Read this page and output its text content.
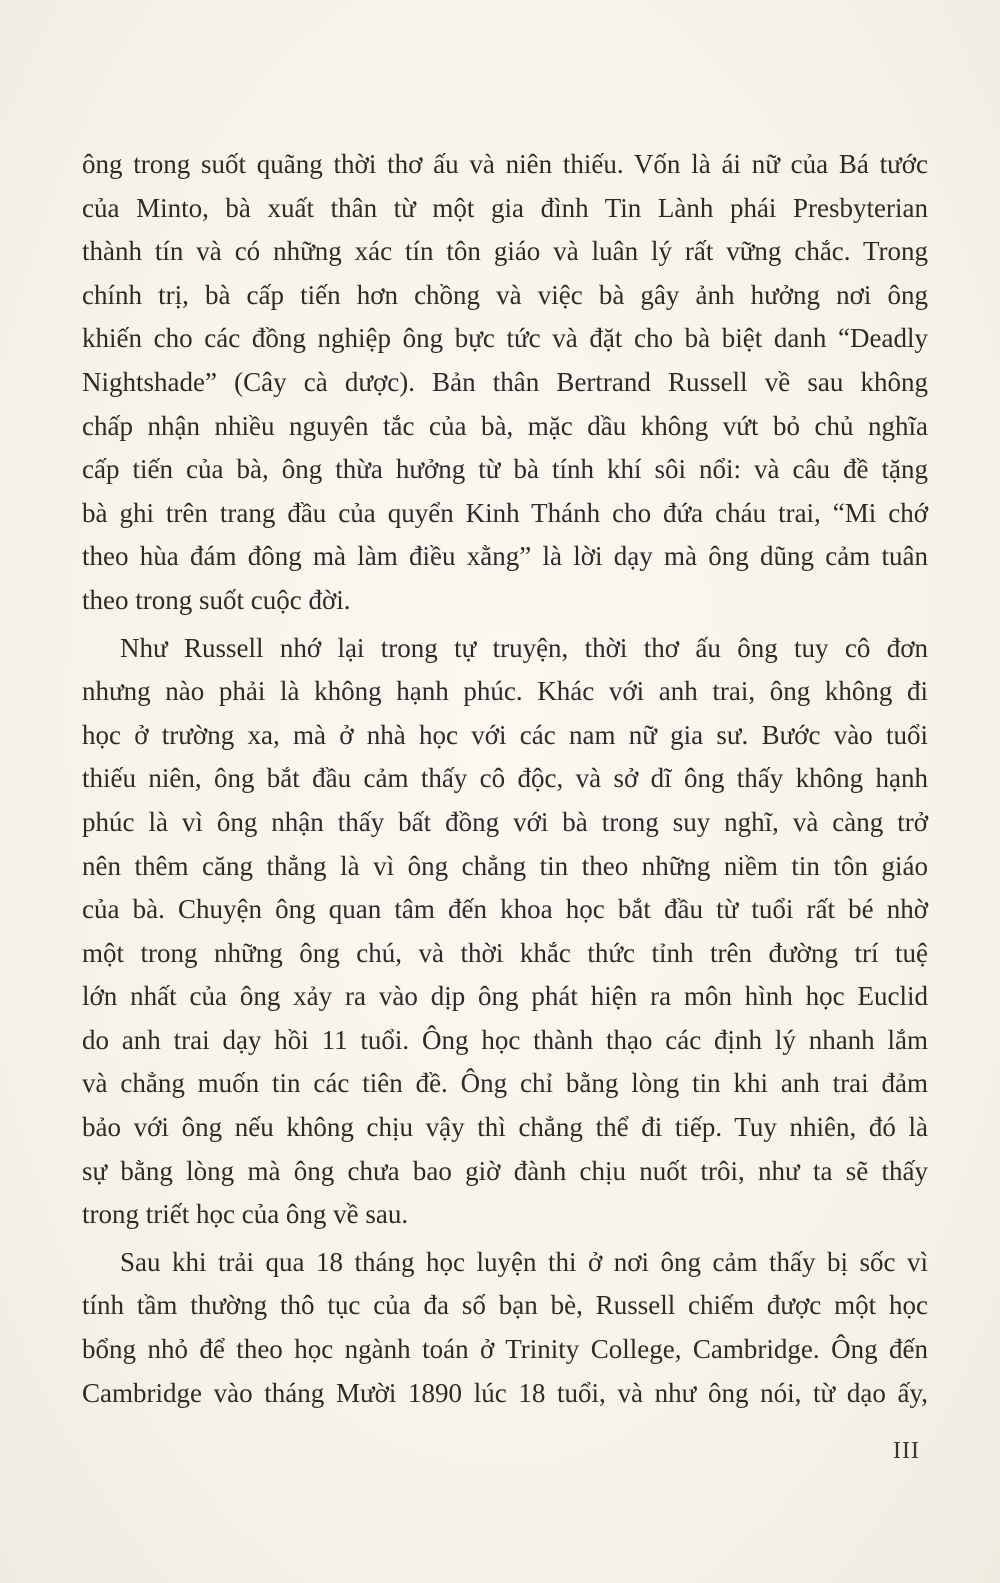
ông trong suốt quãng thời thơ ấu và niên thiếu. Vốn là ái nữ của Bá tước
của Minto, bà xuất thân từ một gia đình Tin Lành phái Presbyterian
thành tín và có những xác tín tôn giáo và luân lý rất vững chắc. Trong
chính trị, bà cấp tiến hơn chồng và việc bà gây ảnh hưởng nơi ông
khiến cho các đồng nghiệp ông bực tức và đặt cho bà biệt danh “Deadly
Nightshade” (Cây cà dược). Bản thân Bertrand Russell về sau không
chấp nhận nhiều nguyên tắc của bà, mặc dầu không vứt bỏ chủ nghĩa
cấp tiến của bà, ông thừa hưởng từ bà tính khí sôi nổi: và câu đề tặng
bà ghi trên trang đầu của quyển Kinh Thánh cho đứa cháu trai, “Mi chớ
theo hùa đám đông mà làm điều xằng” là lời dạy mà ông dũng cảm tuân
theo trong suốt cuộc đời.
Như Russell nhớ lại trong tự truyện, thời thơ ấu ông tuy cô đơn
nhưng nào phải là không hạnh phúc. Khác với anh trai, ông không đi
học ở trường xa, mà ở nhà học với các nam nữ gia sư. Bước vào tuổi
thiếu niên, ông bắt đầu cảm thấy cô độc, và sở dĩ ông thấy không hạnh
phúc là vì ông nhận thấy bất đồng với bà trong suy nghĩ, và càng trở
nên thêm căng thẳng là vì ông chẳng tin theo những niềm tin tôn giáo
của bà. Chuyện ông quan tâm đến khoa học bắt đầu từ tuổi rất bé nhờ
một trong những ông chú, và thời khắc thức tỉnh trên đường trí tuệ
lớn nhất của ông xảy ra vào dịp ông phát hiện ra môn hình học Euclid
do anh trai dạy hồi 11 tuổi. Ông học thành thạo các định lý nhanh lắm
và chẳng muốn tin các tiên đề. Ông chỉ bằng lòng tin khi anh trai đảm
bảo với ông nếu không chịu vậy thì chẳng thể đi tiếp. Tuy nhiên, đó là
sự bằng lòng mà ông chưa bao giờ đành chịu nuốt trôi, như ta sẽ thấy
trong triết học của ông về sau.
Sau khi trải qua 18 tháng học luyện thi ở nơi ông cảm thấy bị sốc vì
tính tầm thường thô tục của đa số bạn bè, Russell chiếm được một học
bổng nhỏ để theo học ngành toán ở Trinity College, Cambridge. Ông đến
Cambridge vào tháng Mười 1890 lúc 18 tuổi, và như ông nói, từ dạo ấy,
III
